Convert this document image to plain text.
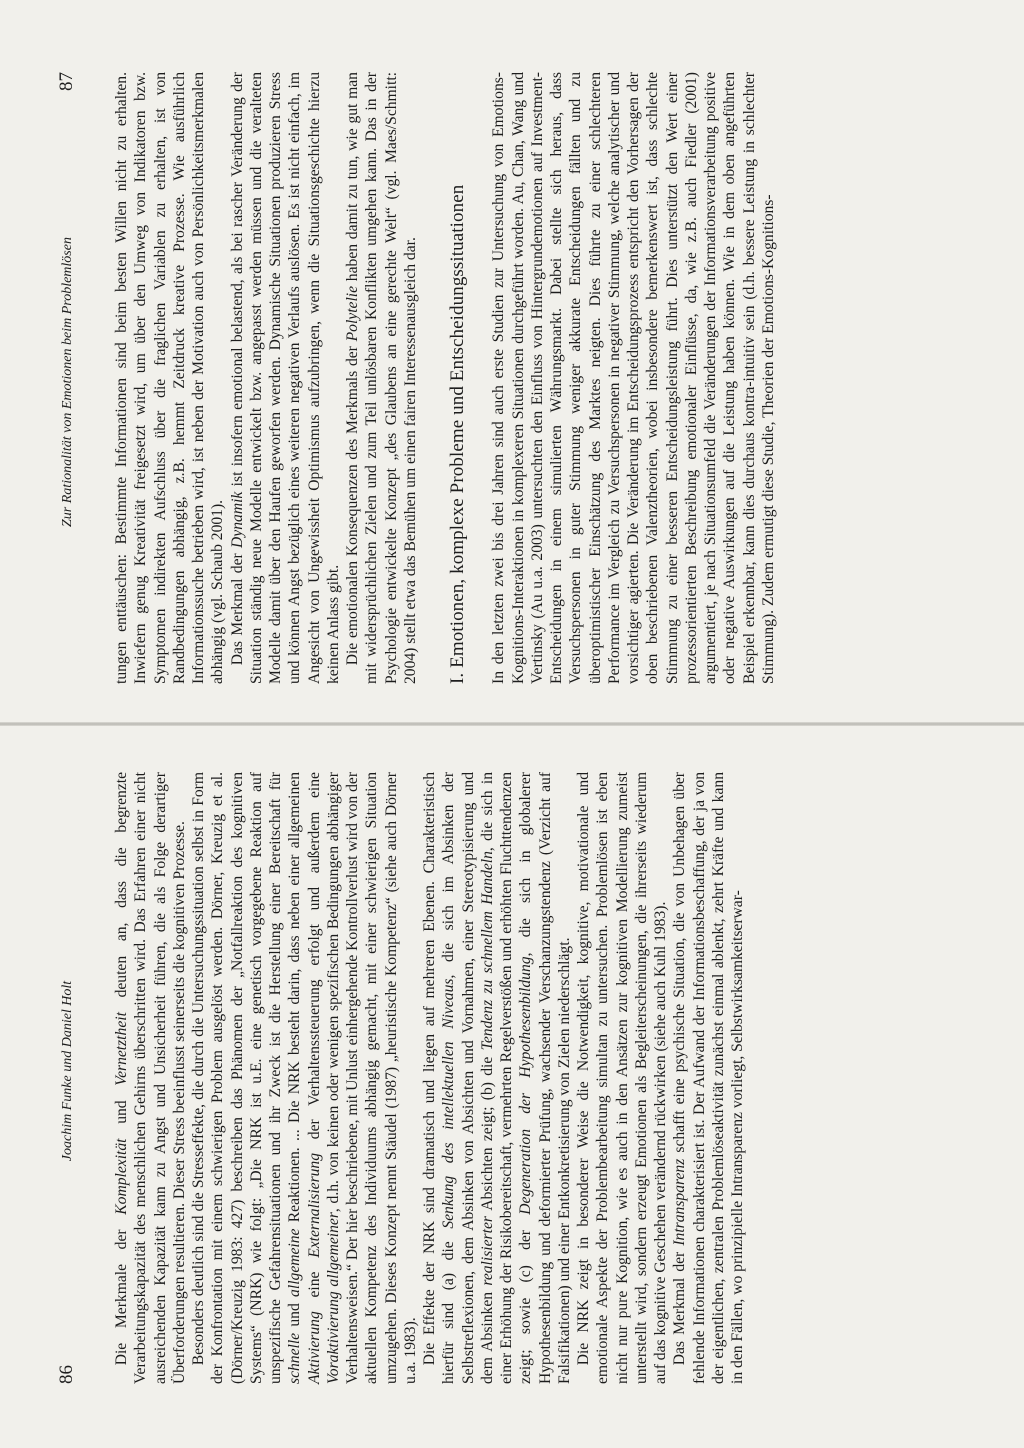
86
Joachim Funke und Daniel Holt

Die Merkmale der Komplexität und Vernetztheit deuten an, dass die begrenzte Verarbeitungskapazität des menschlichen Gehirns überschritten wird. Das Erfahren einer nicht ausreichenden Kapazität kann zu Angst und Unsicherheit führen, die als Folge derartiger Überforderungen resultieren. Dieser Stress beeinflusst seinerseits die kognitiven Prozesse. Besonders deutlich sind die Stresseffekte, die durch die Untersuchungssituation selbst in Form der Konfrontation mit einem schwierigen Problem ausgelöst werden. Dörner, Kreuzig et al. (Dörner/Kreuzig 1983: 427) beschreiben das Phänomen der „Notfallreaktion des kognitiven Systems“ (NRK) wie folgt: „Die NRK ist u.E. eine genetisch vorgegebene Reaktion auf unspezifische Gefahrensituationen und ihr Zweck ist die Herstellung einer Bereitschaft für schnelle und allgemeine Reaktionen. ... Die NRK besteht darin, dass neben einer allgemeinen Aktivierung eine Externalisierung der Verhaltenssteuerung erfolgt und außerdem eine Voraktivierung allgemeiner, d.h. von keinen oder wenigen spezifischen Bedingungen abhängiger Verhaltensweisen.“ Der hier beschriebene, mit Unlust einhergehende Kontrollverlust wird von der aktuellen Kompetenz des Individuums abhängig gemacht, mit einer schwierigen Situation umzugehen. Dieses Konzept nennt Stäudel (1987) „heuristische Kompetenz“ (siehe auch Dörner u.a. 1983). Die Effekte der NRK sind dramatisch und liegen auf mehreren Ebenen. Charakteristisch hierfür sind (a) die Senkung des intellektuellen Niveaus, die sich im Absinken der Selbstreflexionen, dem Absinken von Absichten und Vornahmen, einer Stereotypisierung und dem Absinken realisierter Absichten zeigt; (b) die Tendenz zu schnellem Handeln, die sich in einer Erhöhung der Risikobereitschaft, vermehrten Regelverstößen und erhöhten Fluchttendenzen zeigt; sowie (c) der Degeneration der Hypothesenbildung, die sich in globalerer Hypothesenbildung und deformierter Prüfung, wachsender Verschanzungstendenz (Verzicht auf Falsifikationen) und einer Entkonkretisierung von Zielen niederschlägt. Die NRK zeigt in besonderer Weise die Notwendigkeit, kognitive, motivationale und emotionale Aspekte der Problembearbeitung simultan zu untersuchen. Problemlösen ist eben nicht nur pure Kognition, wie es auch in den Ansätzen zur kognitiven Modellierung zumeist unterstellt wird, sondern erzeugt Emotionen als Begleiterscheinungen, die ihrerseits wiederum auf das kognitive Geschehen verändernd rückwirken (siehe auch Kuhl 1983). Das Merkmal der Intransparenz schafft eine psychische Situation, die von Unbehagen über fehlende Informationen charakterisiert ist. Der Aufwand der Informationsbeschaffung, der ja von der eigentlichen, zentralen Problemlöseaktivität zunächst einmal ablenkt, zehrt Kräfte und kann in den Fällen, wo prinzipielle Intransparenz vorliegt, Selbstwirksamkeitserwar-

Zur Rationalität von Emotionen beim Problemlösen
87 tungen enttäuschen: Bestimmte Informationen sind beim besten Willen nicht zu erhalten. Inwiefern genug Kreativität freigesetzt wird, um über den Umweg von Indikatoren bzw. Symptomen indirekten Aufschluss über die fraglichen Variablen zu erhalten, ist von Randbedingungen abhängig, z.B. hemmt Zeitdruck kreative Prozesse. Wie ausführlich Informationssuche betrieben wird, ist neben der Motivation auch von Persönlichkeitsmerkmalen abhängig (vgl. Schaub 2001). Das Merkmal der Dynamik ist insofern emotional belastend, als bei rascher Veränderung der Situation ständig neue Modelle entwickelt bzw. angepasst werden müssen und die veralteten Modelle damit über den Haufen geworfen werden. Dynamische Situationen produzieren Stress und können Angst bezüglich eines weiteren negativen Verlaufs auslösen. Es ist nicht einfach, im Angesicht von Ungewissheit Optimismus aufzubringen, wenn die Situationsgeschichte hierzu keinen Anlass gibt. Die emotionalen Konsequenzen des Merkmals der Polytelie haben damit zu tun, wie gut man mit widersprüchlichen Zielen und zum Teil unlösbaren Konflikten umgehen kann. Das in der Psychologie entwickelte Konzept „des Glaubens an eine gerechte Welt“ (vgl. Maes/Schmitt: 2004) stellt etwa das Bemühen um einen fairen Interessenausgleich dar. I. Emotionen, komplexe Probleme und Entscheidungssituationen In den letzten zwei bis drei Jahren sind auch erste Studien zur Untersuchung von Emotions-Kognitions-Interaktionen in komplexeren Situationen durchgeführt worden. Au, Chan, Wang und Vertinsky (Au u.a. 2003) untersuchten den Einfluss von Hintergrundemotionen auf Investment-Entscheidungen in einem simulierten Währungsmarkt. Dabei stellte sich heraus, dass Versuchspersonen in guter Stimmung weniger akkurate Entscheidungen fällten und zu überoptimistischer Einschätzung des Marktes neigten. Dies führte zu einer schlechteren Performance im Vergleich zu Versuchspersonen in negativer Stimmung, welche analytischer und vorsichtiger agierten. Die Veränderung im Entscheidungsprozess entspricht den Vorhersagen der oben beschriebenen Valenztheorien, wobei insbesondere bemerkenswert ist, dass schlechte Stimmung zu einer besseren Entscheidungsleistung führt. Dies unterstützt den Wert einer prozessorientierten Beschreibung emotionaler Einflüsse, da, wie z.B. auch Fiedler (2001) argumentiert, je nach Situationsumfeld die Veränderungen der Informationsverarbeitung positive oder negative Auswirkungen auf die Leistung haben können. Wie in dem oben angeführten Beispiel erkennbar, kann dies durchaus kontra-intuitiv sein (d.h. bessere Leistung in schlechter Stimmung). Zudem ermutigt diese Studie, Theorien der Emotions-Kognitions-
